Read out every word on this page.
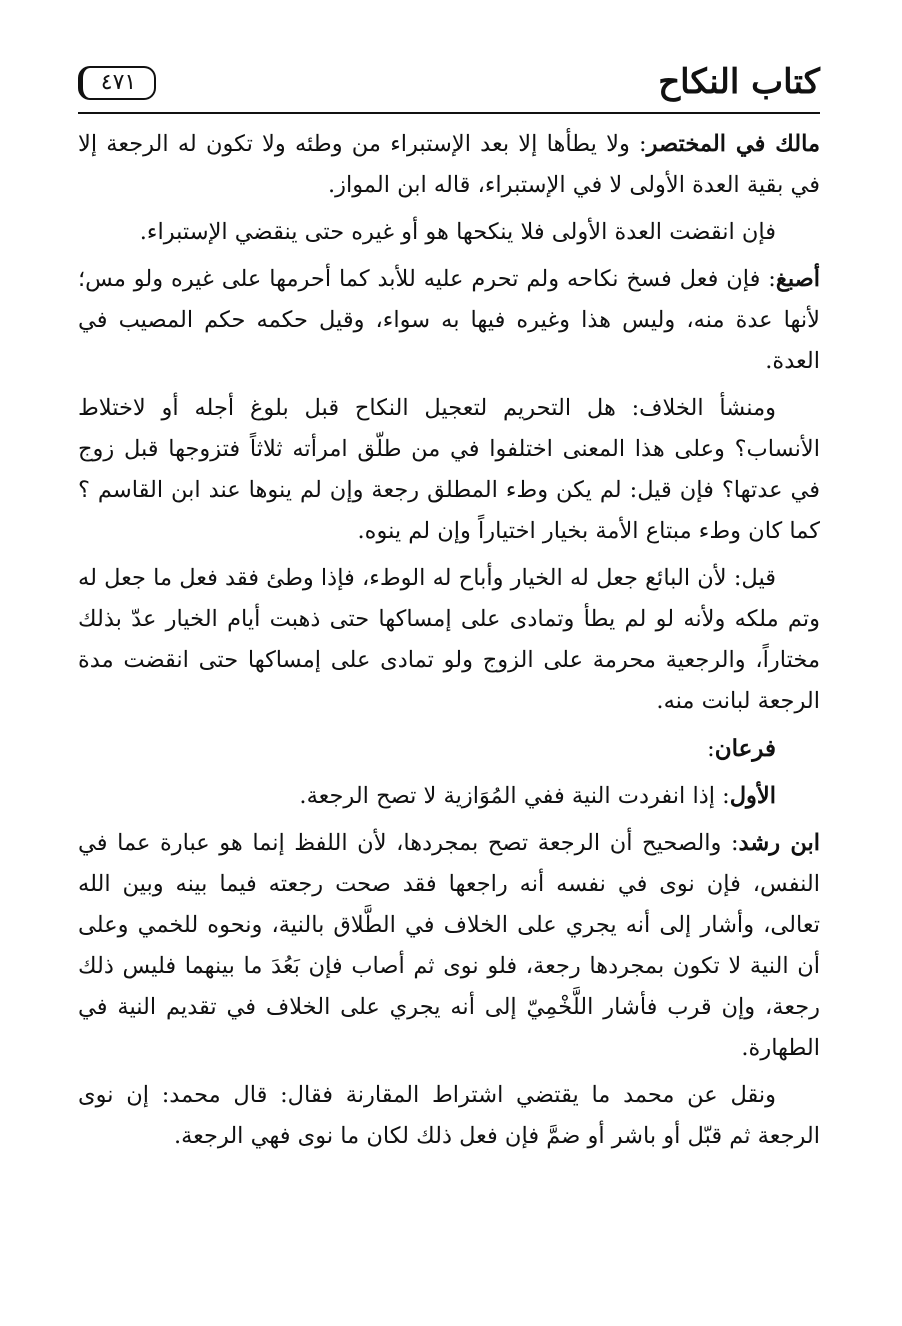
كتاب النكاح
٤٧١

مالك في المختصر: ولا يطأها إلا بعد الإستبراء من وطئه ولا تكون له الرجعة إلا في بقية العدة الأولى لا في الإستبراء، قاله ابن المواز.

فإن انقضت العدة الأولى فلا ينكحها هو أو غيره حتى ينقضي الإستبراء.

أصبغ: فإن فعل فسخ نكاحه ولم تحرم عليه للأبد كما أحرمها على غيره ولو مس؛ لأنها عدة منه، وليس هذا وغيره فيها به سواء، وقيل حكمه حكم المصيب في العدة.

ومنشأ الخلاف: هل التحريم لتعجيل النكاح قبل بلوغ أجله أو لاختلاط الأنساب؟ وعلى هذا المعنى اختلفوا في من طلّق امرأته ثلاثاً فتزوجها قبل زوج في عدتها؟ فإن قيل: لم يكن وطء المطلق رجعة وإن لم ينوها عند ابن القاسم ؟ كما كان وطء مبتاع الأمة بخيار اختياراً وإن لم ينوه.

قيل: لأن البائع جعل له الخيار وأباح له الوطء، فإذا وطئ فقد فعل ما جعل له وتم ملكه ولأنه لو لم يطأ وتمادى على إمساكها حتى ذهبت أيام الخيار عدّ بذلك مختاراً، والرجعية محرمة على الزوج ولو تمادى على إمساكها حتى انقضت مدة الرجعة لبانت منه.

فرعان:

الأول: إذا انفردت النية ففي المُوَازية لا تصح الرجعة.

ابن رشد: والصحيح أن الرجعة تصح بمجردها، لأن اللفظ إنما هو عبارة عما في النفس، فإن نوى في نفسه أنه راجعها فقد صحت رجعته فيما بينه وبين الله تعالى، وأشار إلى أنه يجري على الخلاف في الطَّلاق بالنية، ونحوه للخمي وعلى أن النية لا تكون بمجردها رجعة، فلو نوى ثم أصاب فإن بَعُدَ ما بينهما فليس ذلك رجعة، وإن قرب فأشار اللَّخْمِيّ إلى أنه يجري على الخلاف في تقديم النية في الطهارة.

ونقل عن محمد ما يقتضي اشتراط المقارنة فقال: قال محمد: إن نوى الرجعة ثم قبّل أو باشر أو ضمَّ فإن فعل ذلك لكان ما نوى فهي الرجعة.
